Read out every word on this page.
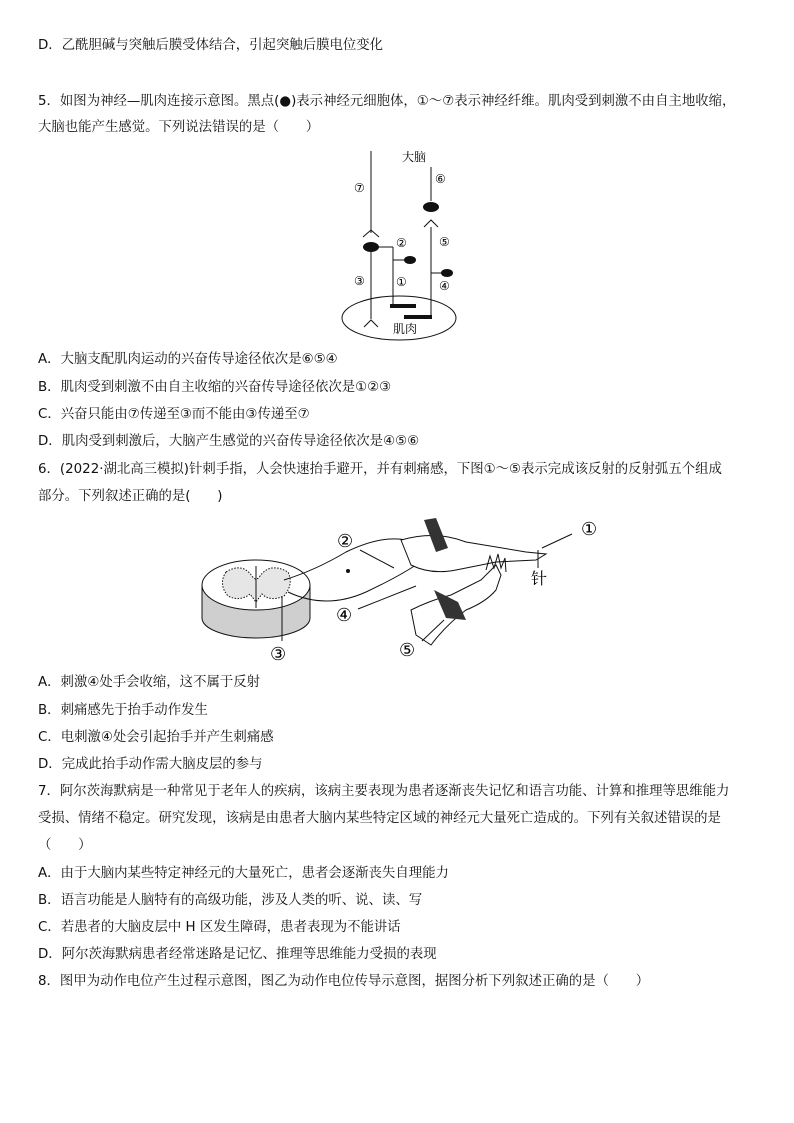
D．乙酰胆碱与突触后膜受体结合，引起突触后膜电位变化
5．如图为神经—肌肉连接示意图。黑点(●)表示神经元细胞体，①～⑦表示神经纤维。肌肉受到刺激不由自主地收缩，
大脑也能产生感觉。下列说法错误的是（　　）
大脑
肌肉
⑦
⑥
②	⑤
③	①	④
A．大脑支配肌肉运动的兴奋传导途径依次是⑥⑤④
B．肌肉受到刺激不由自主收缩的兴奋传导途径依次是①②③
C．兴奋只能由⑦传递至③而不能由③传递至⑦
D．肌肉受到刺激后，大脑产生感觉的兴奋传导途径依次是④⑤⑥
6．(2022·湖北高三模拟)针刺手指，人会快速抬手避开，并有刺痛感，下图①～⑤表示完成该反射的反射弧五个组成
部分。下列叙述正确的是(　　)
①
②
③
④
⑤
针
A．刺激④处手会收缩，这不属于反射
B．刺痛感先于抬手动作发生
C．电刺激④处会引起抬手并产生刺痛感
D．完成此抬手动作需大脑皮层的参与
7．阿尔茨海默病是一种常见于老年人的疾病，该病主要表现为患者逐渐丧失记忆和语言功能、计算和推理等思维能力
受损、情绪不稳定。研究发现，该病是由患者大脑内某些特定区域的神经元大量死亡造成的。下列有关叙述错误的是
（　　）
A．由于大脑内某些特定神经元的大量死亡，患者会逐渐丧失自理能力
B．语言功能是人脑特有的高级功能，涉及人类的听、说、读、写
C．若患者的大脑皮层中 H 区发生障碍，患者表现为不能讲话
D．阿尔茨海默病患者经常迷路是记忆、推理等思维能力受损的表现
8．图甲为动作电位产生过程示意图，图乙为动作电位传导示意图，据图分析下列叙述正确的是（　　）
